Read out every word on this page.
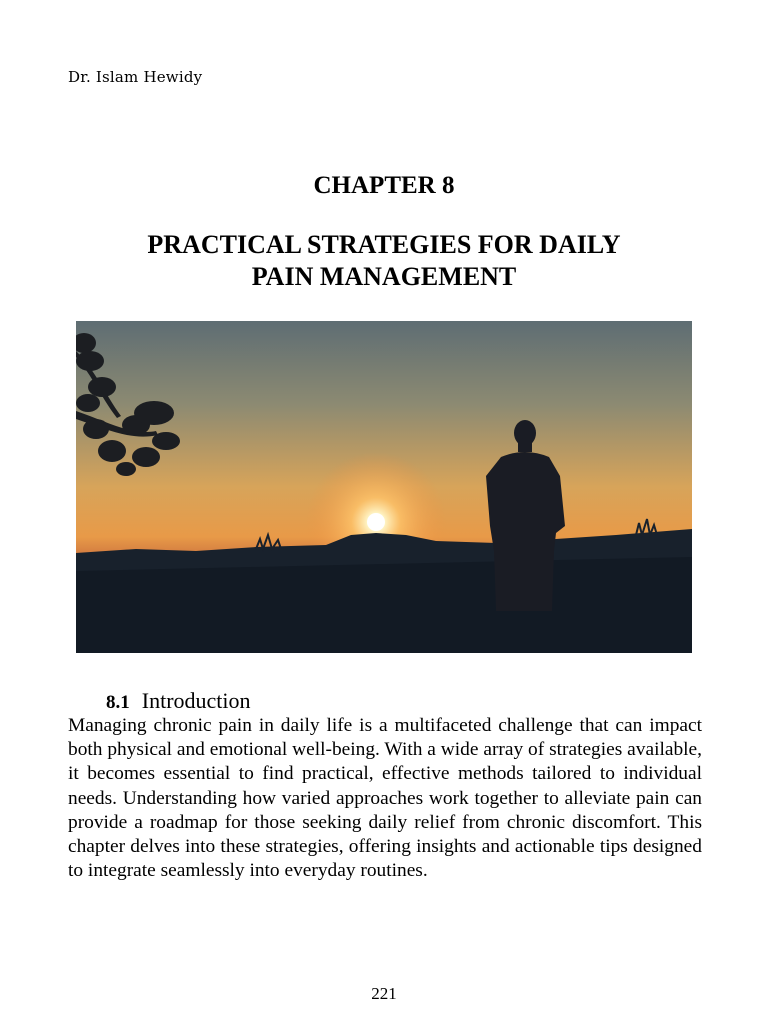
Dr. Islam Hewidy
CHAPTER 8
PRACTICAL STRATEGIES FOR DAILY
PAIN MANAGEMENT
8.1 Introduction

Managing chronic pain in daily life is a multifaceted challenge that can impact both physical and emotional well-being. With a wide array of strategies available, it becomes essential to find practical, effective methods tailored to individual needs. Understanding how varied approaches work together to alleviate pain can provide a roadmap for those seeking daily relief from chronic discomfort. This chapter delves into these strategies, offering insights and actionable tips designed to integrate seamlessly into everyday routines.

221
